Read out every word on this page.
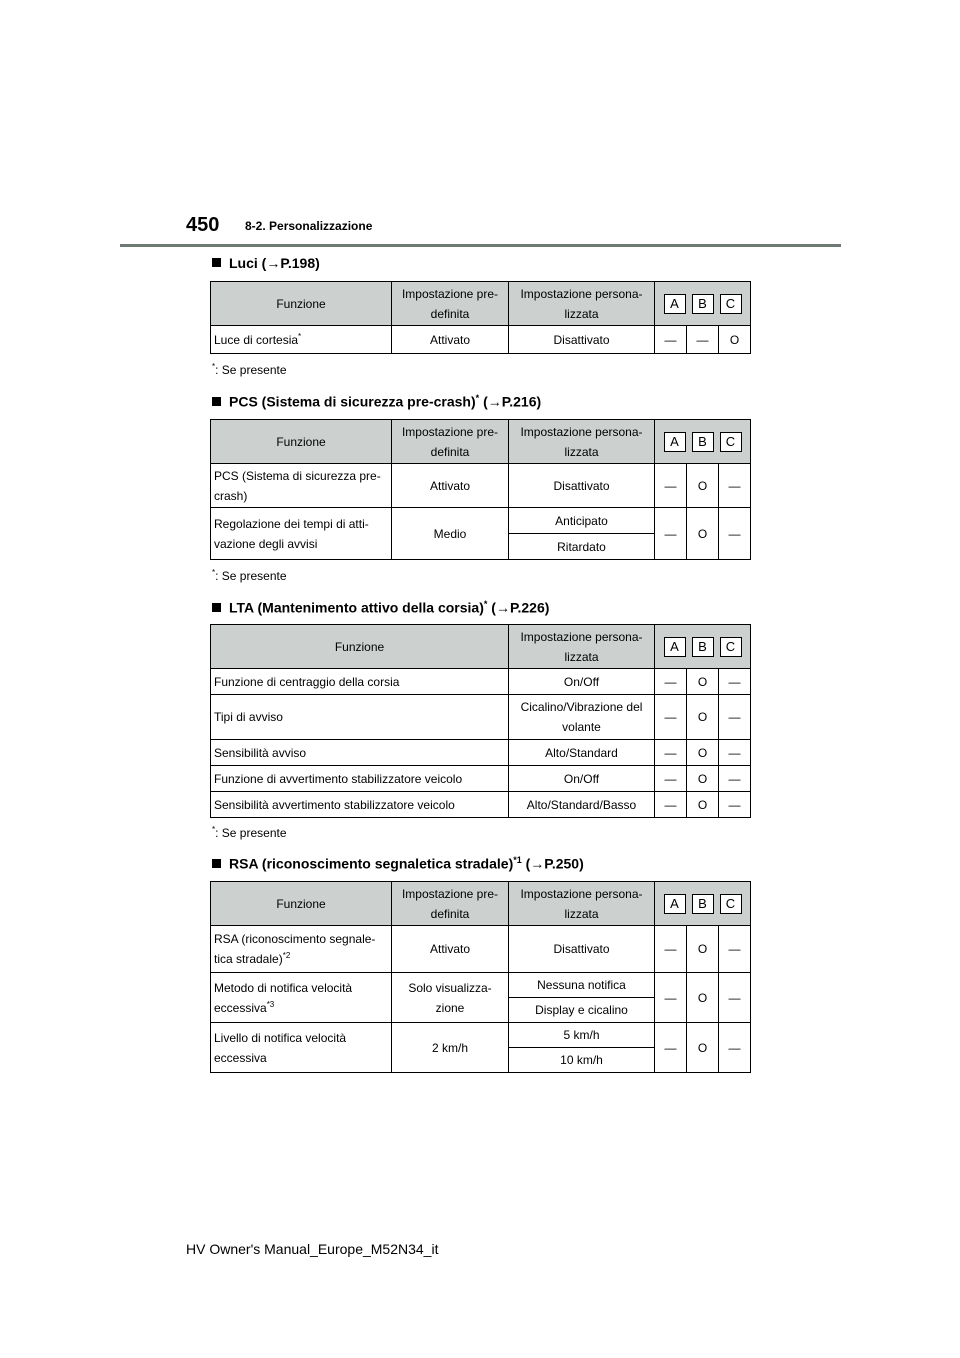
450 8-2. Personalizzazione
Luci (→P.198)
Funzione	Impostazione pre-definita	Impostazione persona-lizzata	A B C		
Luce di cortesia*	Attivato	Disattivato	—	—	O
*: Se presente
PCS (Sistema di sicurezza pre-crash)* (→P.216)
Funzione	Impostazione pre-definita	Impostazione persona-lizzata	A B C		
PCS (Sistema di sicurezza pre-crash)	Attivato	Disattivato	—	O	—
Regolazione dei tempi di atti-vazione degli avvisi	Medio	Anticipato	—	O	—
		Ritardato			
*: Se presente
LTA (Mantenimento attivo della corsia)* (→P.226)
Funzione	Impostazione persona-lizzata	A B C		
Funzione di centraggio della corsia	On/Off	—	O	—
Tipi di avviso	Cicalino/Vibrazione del volante	—	O	—
Sensibilità avviso	Alto/Standard	—	O	—
Funzione di avvertimento stabilizzatore veicolo	On/Off	—	O	—
Sensibilità avvertimento stabilizzatore veicolo	Alto/Standard/Basso	—	O	—
*: Se presente
RSA (riconoscimento segnaletica stradale)$^{*1}$ (→P.250)
Funzione	Impostazione pre-definita	Impostazione persona-lizzata	A B C		
RSA (riconoscimento segnale-tica stradale)$^{*2}$	Attivato	Disattivato	—	O	—
Metodo di notifica velocità eccessiva$^{*3}$	Solo visualizza-zione	Nessuna notifica	—	O	—
		Display e cicalino			
Livello di notifica velocità eccessiva	2 km/h	5 km/h	—	O	—
		10 km/h			
HV Owner's Manual_Europe_M52N34_it
